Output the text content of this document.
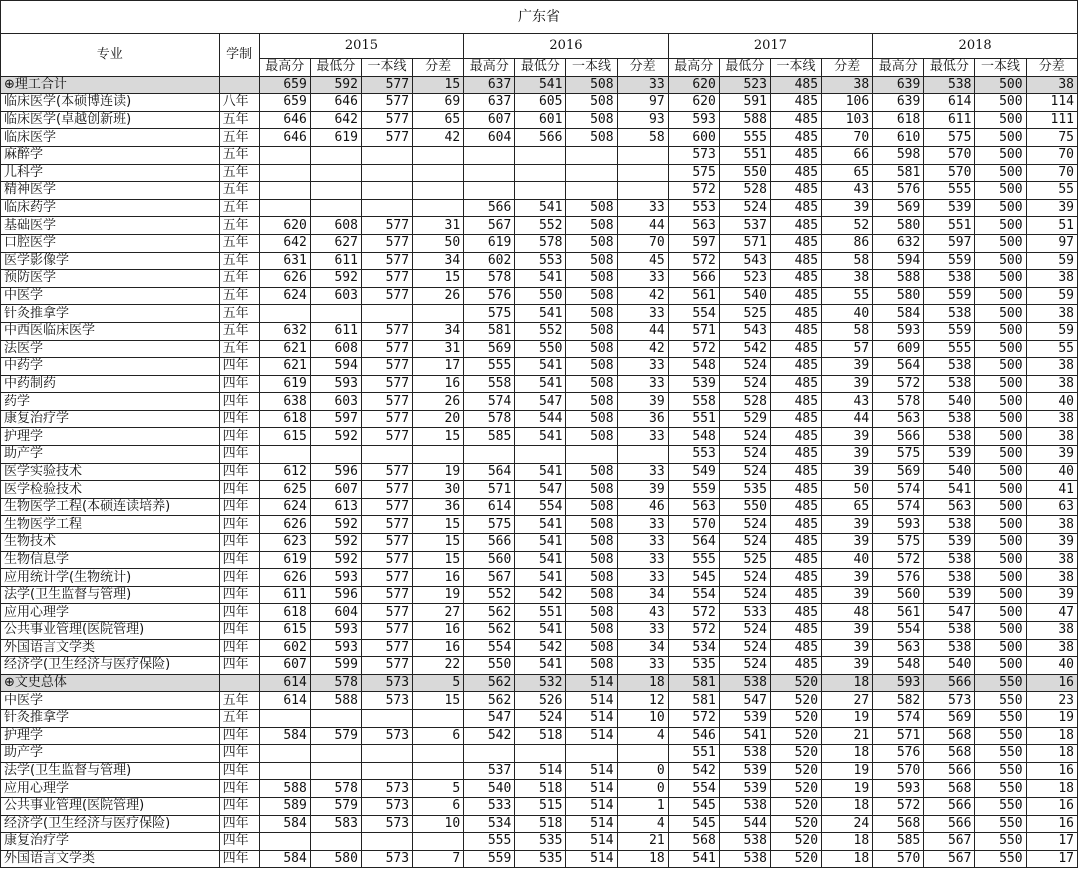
广东省																	
专业	学制	2015				2016				2017				2018			
		最高分	最低分	一本线	分差	最高分	最低分	一本线	分差	最高分	最低分	一本线	分差	最高分	最低分	一本线	分差
⊕理工合计		659	592	577	15	637	541	508	33	620	523	485	38	639	538	500	38
临床医学(本硕博连读)	八年	659	646	577	69	637	605	508	97	620	591	485	106	639	614	500	114
临床医学(卓越创新班)	五年	646	642	577	65	607	601	508	93	593	588	485	103	618	611	500	111
临床医学	五年	646	619	577	42	604	566	508	58	600	555	485	70	610	575	500	75
麻醉学	五年									573	551	485	66	598	570	500	70
儿科学	五年									575	550	485	65	581	570	500	70
精神医学	五年									572	528	485	43	576	555	500	55
临床药学	五年					566	541	508	33	553	524	485	39	569	539	500	39
基础医学	五年	620	608	577	31	567	552	508	44	563	537	485	52	580	551	500	51
口腔医学	五年	642	627	577	50	619	578	508	70	597	571	485	86	632	597	500	97
医学影像学	五年	631	611	577	34	602	553	508	45	572	543	485	58	594	559	500	59
预防医学	五年	626	592	577	15	578	541	508	33	566	523	485	38	588	538	500	38
中医学	五年	624	603	577	26	576	550	508	42	561	540	485	55	580	559	500	59
针灸推拿学	五年					575	541	508	33	554	525	485	40	584	538	500	38
中西医临床医学	五年	632	611	577	34	581	552	508	44	571	543	485	58	593	559	500	59
法医学	五年	621	608	577	31	569	550	508	42	572	542	485	57	609	555	500	55
中药学	四年	621	594	577	17	555	541	508	33	548	524	485	39	564	538	500	38
中药制药	四年	619	593	577	16	558	541	508	33	539	524	485	39	572	538	500	38
药学	四年	638	603	577	26	574	547	508	39	558	528	485	43	578	540	500	40
康复治疗学	四年	618	597	577	20	578	544	508	36	551	529	485	44	563	538	500	38
护理学	四年	615	592	577	15	585	541	508	33	548	524	485	39	566	538	500	38
助产学	四年									553	524	485	39	575	539	500	39
医学实验技术	四年	612	596	577	19	564	541	508	33	549	524	485	39	569	540	500	40
医学检验技术	四年	625	607	577	30	571	547	508	39	559	535	485	50	574	541	500	41
生物医学工程(本硕连读培养)	四年	624	613	577	36	614	554	508	46	563	550	485	65	574	563	500	63
生物医学工程	四年	626	592	577	15	575	541	508	33	570	524	485	39	593	538	500	38
生物技术	四年	623	592	577	15	566	541	508	33	564	524	485	39	575	539	500	39
生物信息学	四年	619	592	577	15	560	541	508	33	555	525	485	40	572	538	500	38
应用统计学(生物统计)	四年	626	593	577	16	567	541	508	33	545	524	485	39	576	538	500	38
法学(卫生监督与管理)	四年	611	596	577	19	552	542	508	34	554	524	485	39	560	539	500	39
应用心理学	四年	618	604	577	27	562	551	508	43	572	533	485	48	561	547	500	47
公共事业管理(医院管理)	四年	615	593	577	16	562	541	508	33	572	524	485	39	554	538	500	38
外国语言文学类	四年	602	593	577	16	554	542	508	34	534	524	485	39	563	538	500	38
经济学(卫生经济与医疗保险)	四年	607	599	577	22	550	541	508	33	535	524	485	39	548	540	500	40
⊕文史总体		614	578	573	5	562	532	514	18	581	538	520	18	593	566	550	16
中医学	五年	614	588	573	15	562	526	514	12	581	547	520	27	582	573	550	23
针灸推拿学	五年					547	524	514	10	572	539	520	19	574	569	550	19
护理学	四年	584	579	573	6	542	518	514	4	546	541	520	21	571	568	550	18
助产学	四年									551	538	520	18	576	568	550	18
法学(卫生监督与管理)	四年					537	514	514	0	542	539	520	19	570	566	550	16
应用心理学	四年	588	578	573	5	540	518	514	0	554	539	520	19	593	568	550	18
公共事业管理(医院管理)	四年	589	579	573	6	533	515	514	1	545	538	520	18	572	566	550	16
经济学(卫生经济与医疗保险)	四年	584	583	573	10	534	518	514	4	545	544	520	24	568	566	550	16
康复治疗学	四年					555	535	514	21	568	538	520	18	585	567	550	17
外国语言文学类	四年	584	580	573	7	559	535	514	18	541	538	520	18	570	567	550	17
